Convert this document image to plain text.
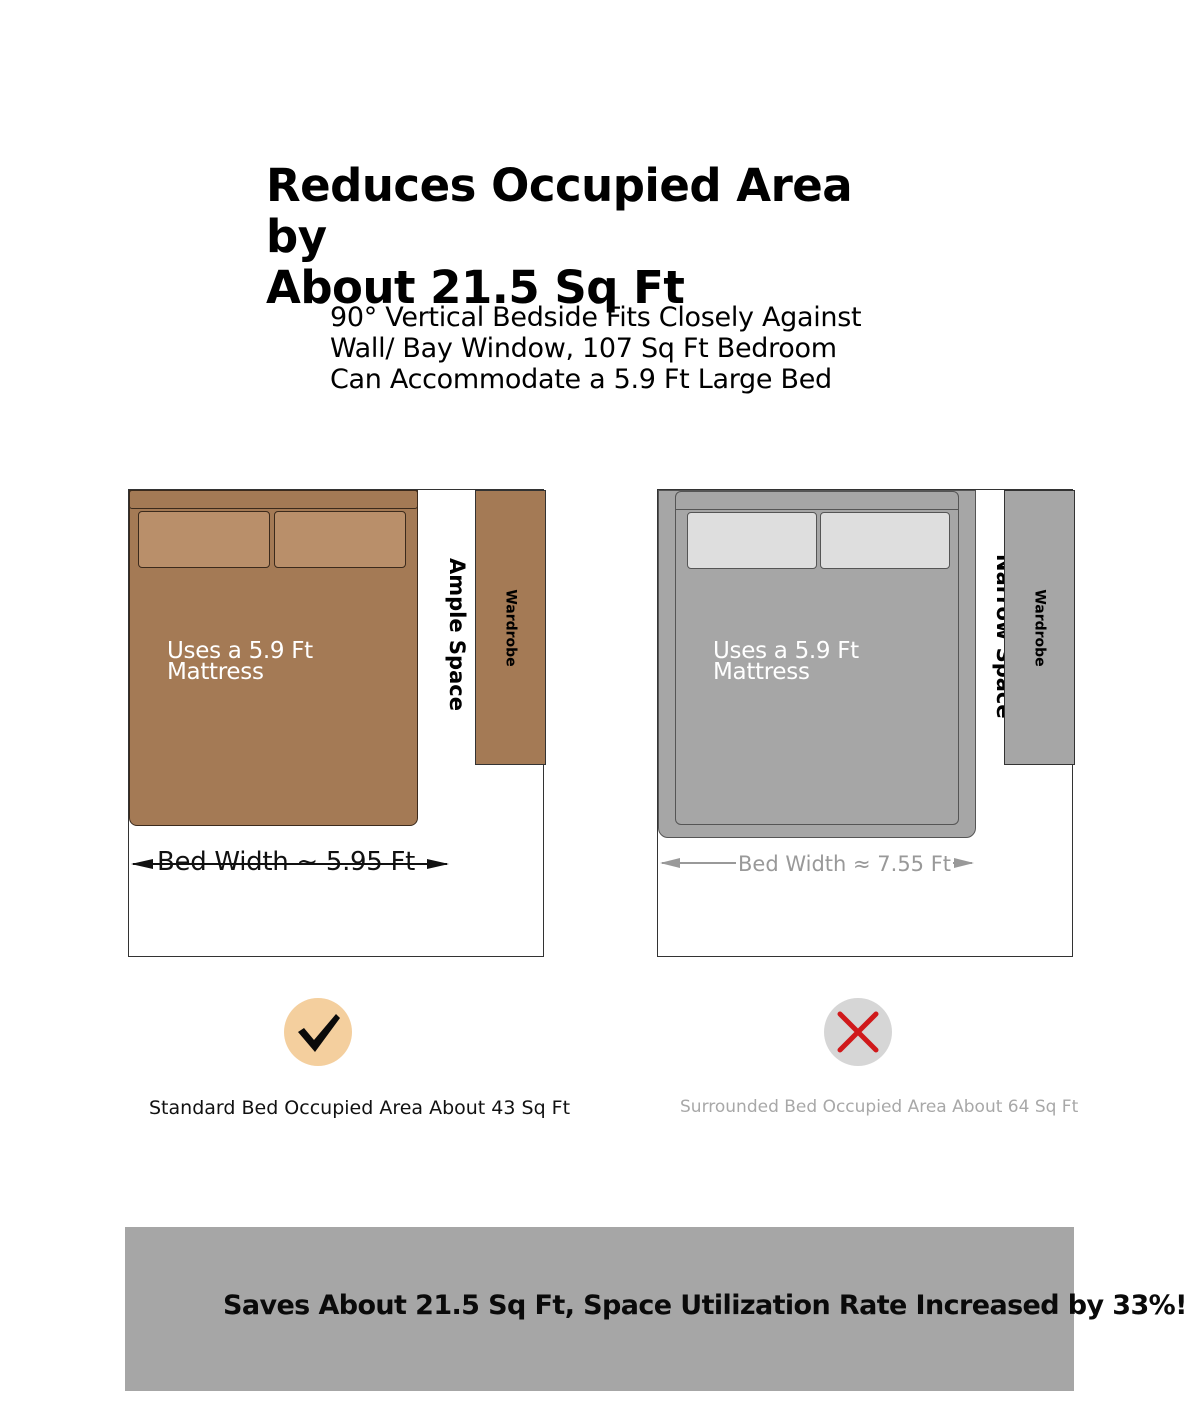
Reduces Occupied Area by
About 21.5 Sq Ft

90° Vertical Bedside Fits Closely Against
Wall/ Bay Window, 107 Sq Ft Bedroom
Can Accommodate a 5.9 Ft Large Bed

Uses a 5.9 Ft
Mattress	Ample Space Wardrobe
Bed Width ~ 5.95 Ft
Uses a 5.9 Ft
Mattress
Wardrobe
Bed Width ≈ 7.55 Ft
Standard Bed Occupied Area About 43 Sq Ft	Surrounded Bed Occupied Area About 64 Sq Ft
Saves About 21.5 Sq Ft, Space Utilization Rate Increased by 33%!
